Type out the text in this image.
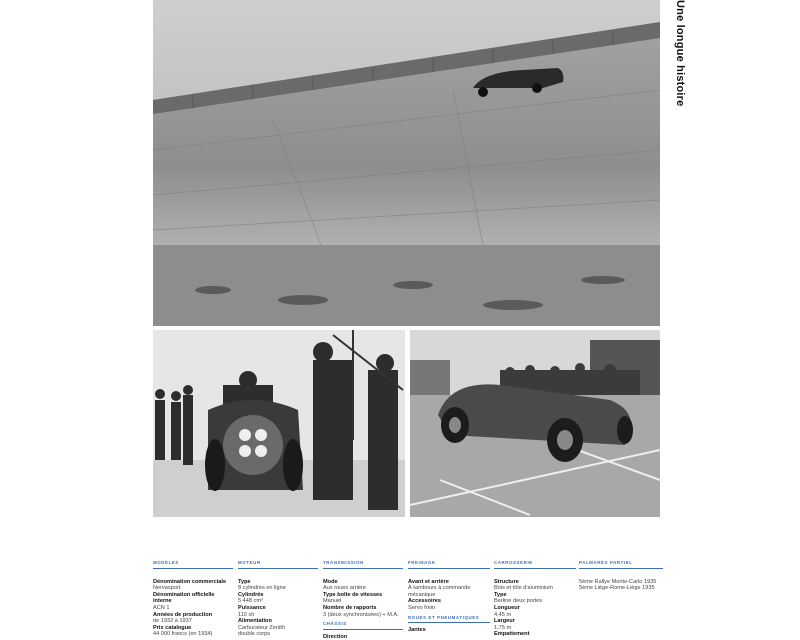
Une longue histoire
MODÈLES
Dénomination commerciale
Nervasport
Dénomination officielle
interne
ACN 1
Années de production
de 1932 à 1937
Prix catalogue
44 000 francs (en 1934)
MOTEUR
Type
8 cylindres en ligne
Cylindrée
5 448 cm³
Puissance
110 ch
Alimentation
Carburateur Zenith
double corps
TRANSMISSION
Mode
Aux roues arrière
Type boîte de vitesses
Manuel
Nombre de rapports
3 (deux synchronisées) + M.A.
CHÂSSIS
Direction
FREINAGE
Avant et arrière
À tambours à commande
mécanique
Accessoires
Servo frein
ROUES ET PNEUMATIQUES
Jantes
CARROSSERIE
Structure
Bois et tôle d'aluminium
Type
Berline deux portes
Longueur
4,45 m
Largeur
1,75 m
Empattement
PALMARÈS PARTIEL
5ème Rallye Monte-Carlo 1935
5ème Liège-Rome-Liège 1935
